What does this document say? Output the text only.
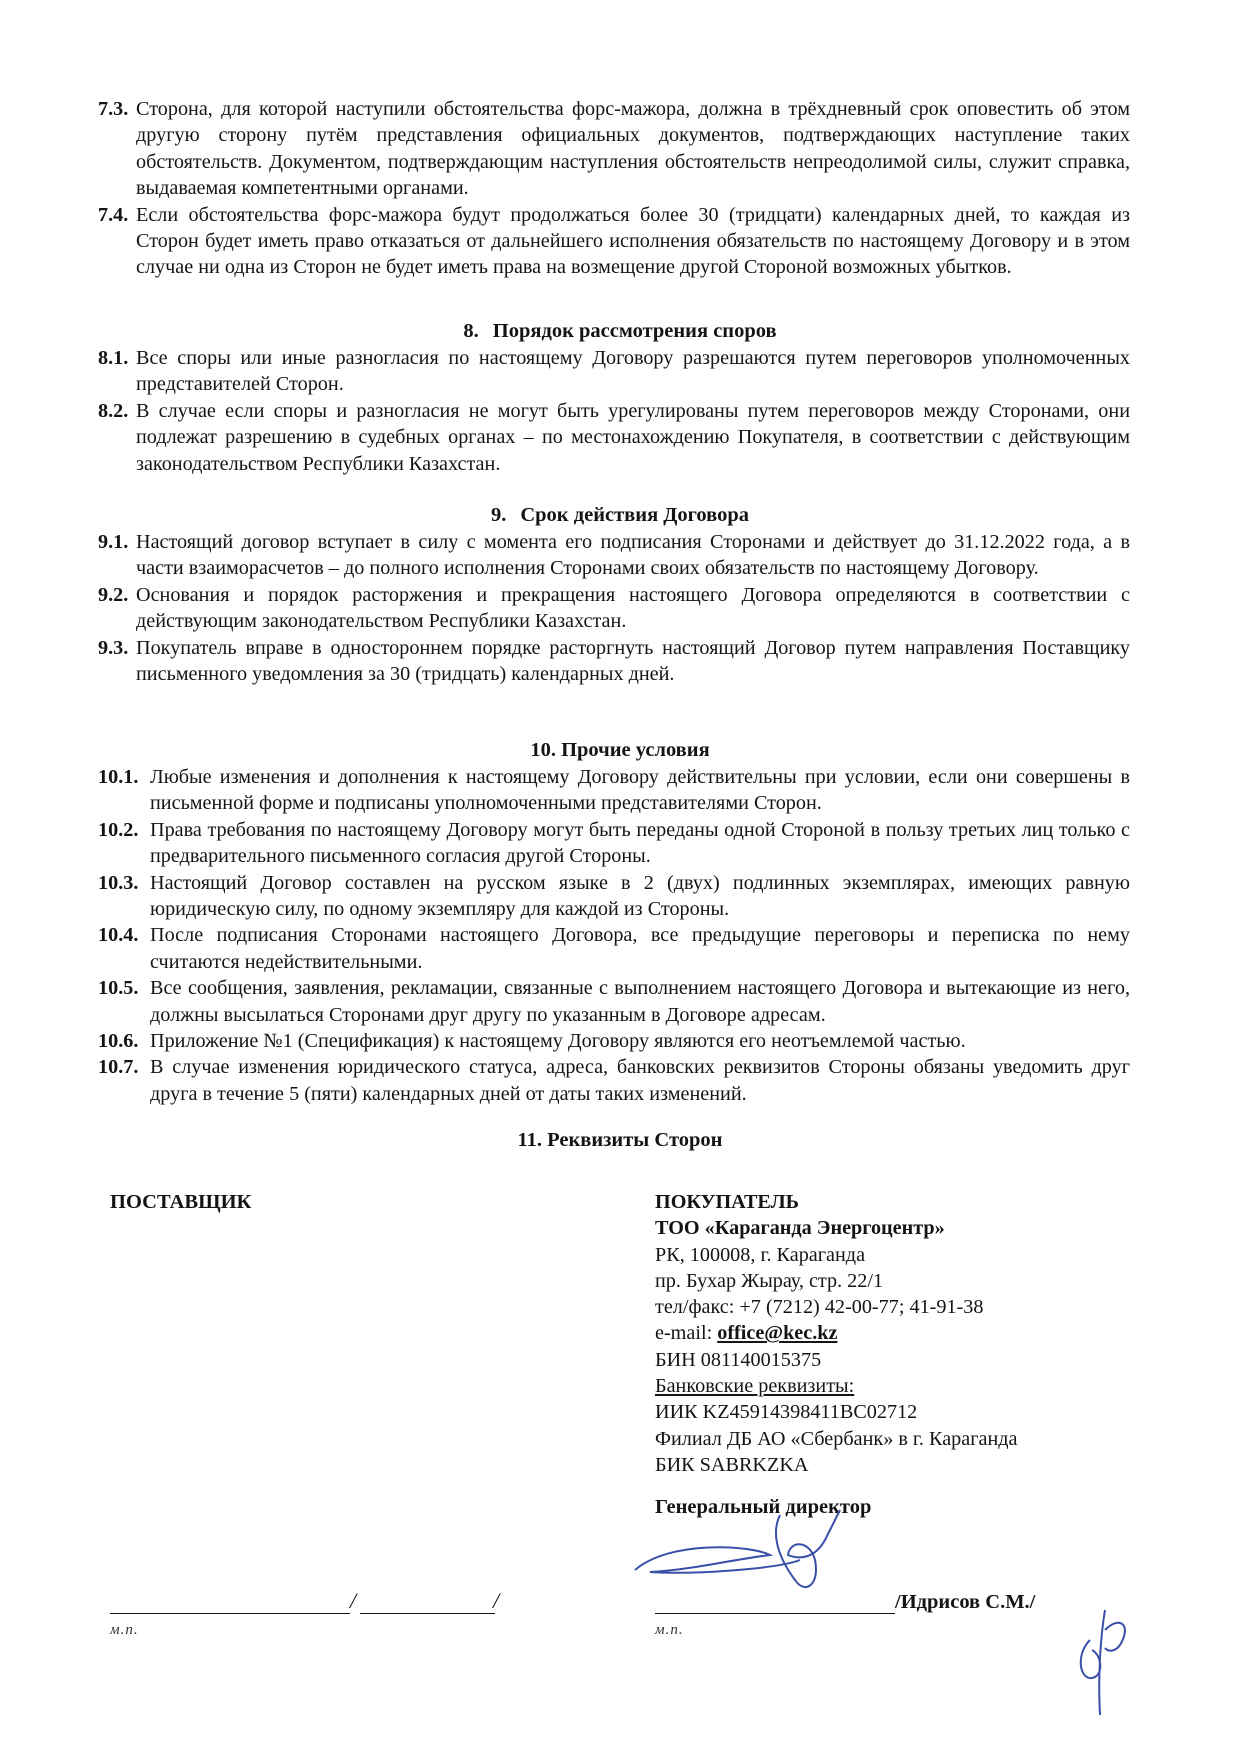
7.3. Сторона, для которой наступили обстоятельства форс-мажора, должна в трёхдневный срок оповестить об этом другую сторону путём представления официальных документов, подтверждающих наступление таких обстоятельств. Документом, подтверждающим наступления обстоятельств непреодолимой силы, служит справка, выдаваемая компетентными органами.
7.4. Если обстоятельства форс-мажора будут продолжаться более 30 (тридцати) календарных дней, то каждая из Сторон будет иметь право отказаться от дальнейшего исполнения обязательств по настоящему Договору и в этом случае ни одна из Сторон не будет иметь права на возмещение другой Стороной возможных убытков.
8. Порядок рассмотрения споров
8.1. Все споры или иные разногласия по настоящему Договору разрешаются путем переговоров уполномоченных представителей Сторон.
8.2. В случае если споры и разногласия не могут быть урегулированы путем переговоров между Сторонами, они подлежат разрешению в судебных органах – по местонахождению Покупателя, в соответствии с действующим законодательством Республики Казахстан.
9. Срок действия Договора
9.1. Настоящий договор вступает в силу с момента его подписания Сторонами и действует до 31.12.2022 года, а в части взаиморасчетов – до полного исполнения Сторонами своих обязательств по настоящему Договору.
9.2. Основания и порядок расторжения и прекращения настоящего Договора определяются в соответствии с действующим законодательством Республики Казахстан.
9.3. Покупатель вправе в одностороннем порядке расторгнуть настоящий Договор путем направления Поставщику письменного уведомления за 30 (тридцать) календарных дней.
10. Прочие условия
10.1. Любые изменения и дополнения к настоящему Договору действительны при условии, если они совершены в письменной форме и подписаны уполномоченными представителями Сторон.
10.2. Права требования по настоящему Договору могут быть переданы одной Стороной в пользу третьих лиц только с предварительного письменного согласия другой Стороны.
10.3. Настоящий Договор составлен на русском языке в 2 (двух) подлинных экземплярах, имеющих равную юридическую силу, по одному экземпляру для каждой из Стороны.
10.4. После подписания Сторонами настоящего Договора, все предыдущие переговоры и переписка по нему считаются недействительными.
10.5. Все сообщения, заявления, рекламации, связанные с выполнением настоящего Договора и вытекающие из него, должны высылаться Сторонами друг другу по указанным в Договоре адресам.
10.6. Приложение №1 (Спецификация) к настоящему Договору являются его неотъемлемой частью.
10.7. В случае изменения юридического статуса, адреса, банковских реквизитов Стороны обязаны уведомить друг друга в течение 5 (пяти) календарных дней от даты таких изменений.
11. Реквизиты Сторон
ПОСТАВЩИК	ПОКУПАТЕЛЬ
ТОО «Караганда Энергоцентр»
РК, 100008, г. Караганда
пр. Бухар Жырау, стр. 22/1
тел/факс: +7 (7212) 42-00-77; 41-91-38
e-mail: office@kec.kz
БИН 081140015375
Банковские реквизиты:
ИИК KZ45914398411BC02712
Филиал ДБ АО «Сбербанк» в г. Караганда
БИК SABRKZKA
Генеральный директор
/	/
м.п.
/Идрисов С.М./
м.п.
